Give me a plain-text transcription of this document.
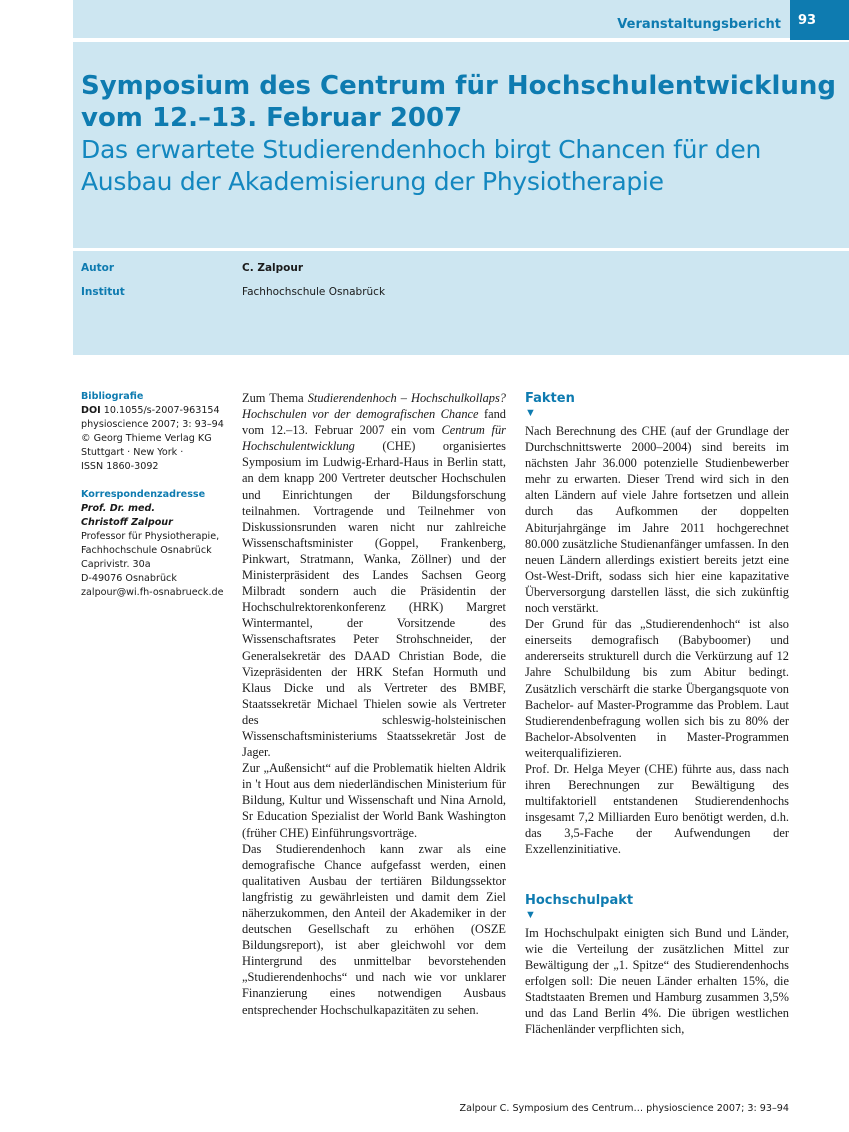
Veranstaltungsbericht	93
Symposium des Centrum für Hochschulentwicklung vom 12.–13. Februar 2007
Das erwartete Studierendenhoch birgt Chancen für den Ausbau der Akademisierung der Physiotherapie
Autor	C. Zalpour
Institut	Fachhochschule Osnabrück
Bibliografie
DOI 10.1055/s-2007-963154
physioscience 2007; 3: 93–94
© Georg Thieme Verlag KG
Stuttgart · New York ·
ISSN 1860-3092
Korrespondenzadresse
Prof. Dr. med.
Christoff Zalpour
Professor für Physiotherapie,
Fachhochschule Osnabrück
Caprivistr. 30a
D-49076 Osnabrück
zalpour@wi.fh-osnabrueck.de

Zum Thema Studierendenhoch – Hochschulkollaps? Hochschulen vor der demografischen Chance fand vom 12.–13. Februar 2007 ein vom Centrum für Hochschulentwicklung (CHE) organisiertes Symposium im Ludwig-Erhard-Haus in Berlin statt, an dem knapp 200 Vertreter deutscher Hochschulen und Einrichtungen der Bildungsforschung teilnahmen. Vortragende und Teilnehmer von Diskussionsrunden waren nicht nur zahlreiche Wissenschaftsminister (Goppel, Frankenberg, Pinkwart, Stratmann, Wanka, Zöllner) und der Ministerpräsident des Landes Sachsen Georg Milbradt sondern auch die Präsidentin der Hochschulrektorenkonferenz (HRK) Margret Wintermantel, der Vorsitzende des Wissenschaftsrates Peter Strohschneider, der Generalsekretär des DAAD Christian Bode, die Vizepräsidenten der HRK Stefan Hormuth und Klaus Dicke und als Vertreter des BMBF, Staatssekretär Michael Thielen sowie als Vertreter des schleswig-holsteinischen Wissenschaftsministeriums Staatssekretär Jost de Jager.

Zur „Außensicht“ auf die Problematik hielten Aldrik in 't Hout aus dem niederländischen Ministerium für Bildung, Kultur und Wissenschaft und Nina Arnold, Sr Education Spezialist der World Bank Washington (früher CHE) Einführungsvorträge.

Das Studierendenhoch kann zwar als eine demografische Chance aufgefasst werden, einen qualitativen Ausbau der tertiären Bildungssektor langfristig zu gewährleisten und damit dem Ziel näherzukommen, den Anteil der Akademiker in der deutschen Gesellschaft zu erhöhen (OSZE Bildungsreport), ist aber gleichwohl vor dem Hintergrund des unmittelbar bevorstehenden „Studierendenhochs“ und nach wie vor unklarer Finanzierung eines notwendigen Ausbaus entsprechender Hochschulkapazitäten zu sehen.

Fakten
▼

Nach Berechnung des CHE (auf der Grundlage der Durchschnittswerte 2000–2004) sind bereits im nächsten Jahr 36.000 potenzielle Studienbewerber mehr zu erwarten. Dieser Trend wird sich in den alten Ländern auf viele Jahre fortsetzen und allein durch das Aufkommen der doppelten Abiturjahrgänge im Jahre 2011 hochgerechnet 80.000 zusätzliche Studienanfänger umfassen. In den neuen Ländern allerdings existiert bereits jetzt eine Ost-West-Drift, sodass sich hier eine kapazitative Überversorgung darstellen lässt, die sich zukünftig noch verstärkt.

Der Grund für das „Studierendenhoch“ ist also einerseits demografisch (Babyboomer) und andererseits strukturell durch die Verkürzung auf 12 Jahre Schulbildung bis zum Abitur bedingt. Zusätzlich verschärft die starke Übergangsquote von Bachelor- auf Master-Programme das Problem. Laut Studierendenbefragung wollen sich bis zu 80% der Bachelor-Absolventen in Master-Programmen weiterqualifizieren.

Prof. Dr. Helga Meyer (CHE) führte aus, dass nach ihren Berechnungen zur Bewältigung des multifaktoriell entstandenen Studierendenhochs insgesamt 7,2 Milliarden Euro benötigt werden, d.h. das 3,5-Fache der Aufwendungen der Exzellenzinitiative.

Hochschulpakt
▼

Im Hochschulpakt einigten sich Bund und Länder, wie die Verteilung der zusätzlichen Mittel zur Bewältigung der „1. Spitze“ des Studierendenhochs erfolgen soll: Die neuen Länder erhalten 15%, die Stadtstaaten Bremen und Hamburg zusammen 3,5% und das Land Berlin 4%. Die übrigen westlichen Flächenländer verpflichten sich,

Zalpour C. Symposium des Centrum… physioscience 2007; 3: 93–94
